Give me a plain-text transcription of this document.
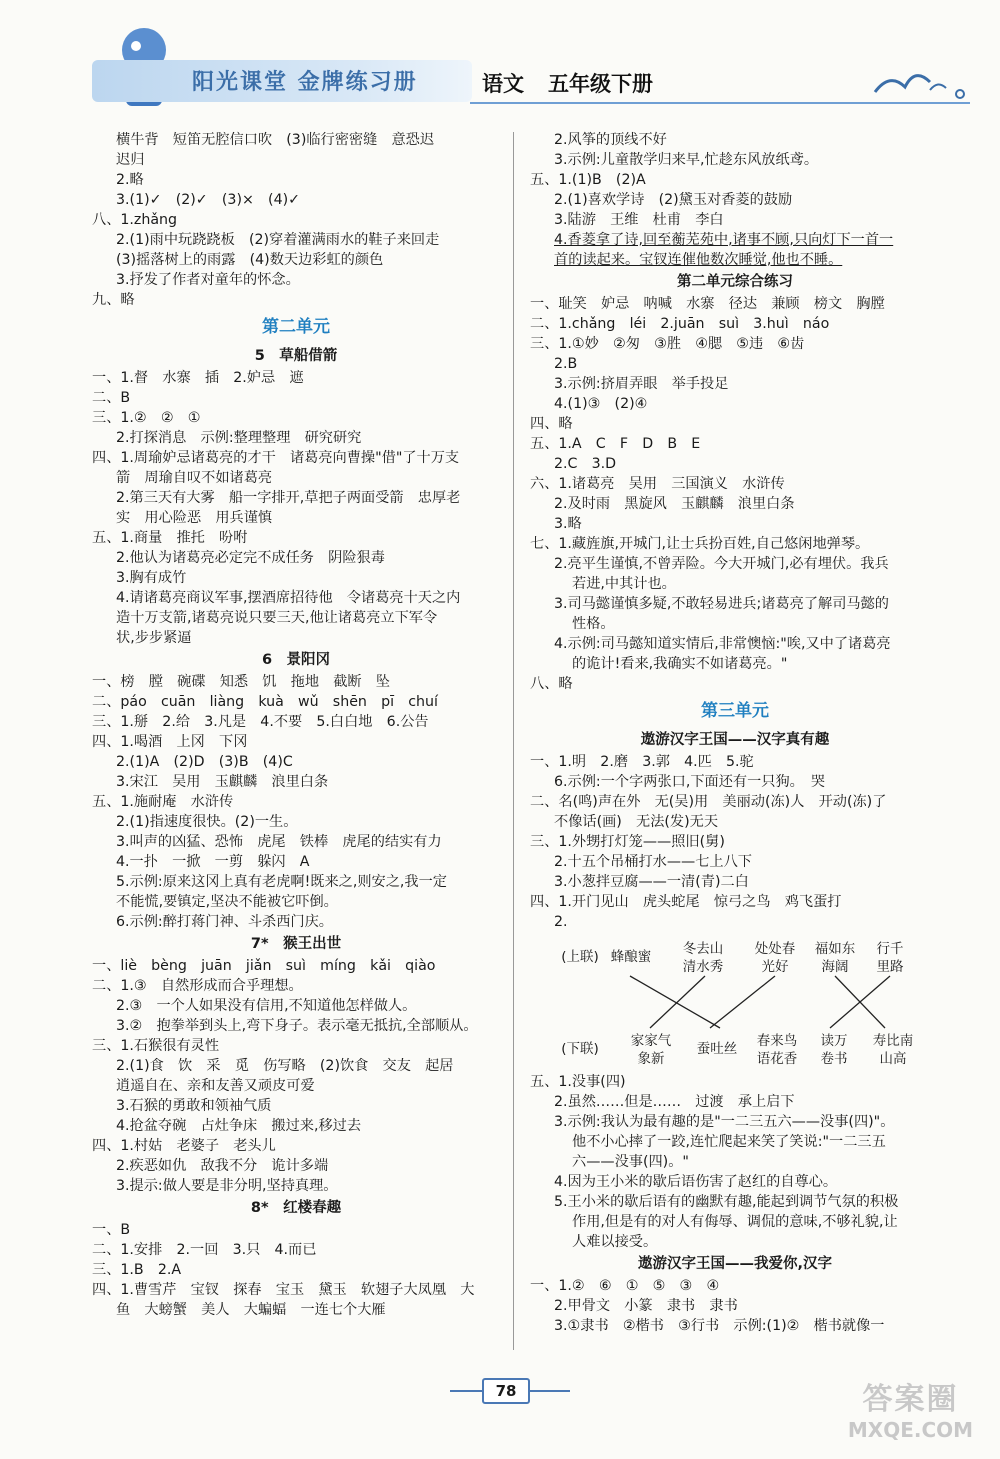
阳光课堂 金牌练习册	语文 五年级下册
横牛背　短笛无腔信口吹　(3)临行密密缝　意恐迟
迟归
2.略
3.(1)✓　(2)✓　(3)×　(4)✓
八、1.zhǎng
2.(1)雨中玩跷跷板　(2)穿着灌满雨水的鞋子来回走
(3)摇落树上的雨露　(4)数天边彩虹的颜色
3.抒发了作者对童年的怀念。
九、略
第二单元
5　草船借箭
一、1.督　水寨　插　2.妒忌　遮
二、B
三、1.②　②　①
2.打探消息　示例:整理整理　研究研究
四、1.周瑜妒忌诸葛亮的才干　诸葛亮向曹操"借"了十万支
箭　周瑜自叹不如诸葛亮
2.第三天有大雾　船一字排开,草把子两面受箭　忠厚老
实　用心险恶　用兵谨慎
五、1.商量　推托　吩咐
2.他认为诸葛亮必定完不成任务　阴险狠毒
3.胸有成竹
4.请诸葛亮商议军事,摆酒席招待他　令诸葛亮十天之内
造十万支箭,诸葛亮说只要三天,他让诸葛亮立下军令
状,步步紧逼
6　景阳冈
一、榜　膛　碗碟　知悉　饥　拖地　截断　坠
二、páo　cuān　liàng　kuà　wǔ　shēn　pī　chuí
三、1.掰　2.给　3.凡是　4.不要　5.白白地　6.公告
四、1.喝酒　上冈　下冈
2.(1)A　(2)D　(3)B　(4)C
3.宋江　吴用　玉麒麟　浪里白条
五、1.施耐庵　水浒传
2.(1)指速度很快。(2)一生。
3.叫声的凶猛、恐怖　虎尾　铁棒　虎尾的结实有力
4.一扑　一掀　一剪　躲闪　A
5.示例:原来这冈上真有老虎啊!既来之,则安之,我一定
不能慌,要镇定,坚决不能被它吓倒。
6.示例:醉打蒋门神、斗杀西门庆。
7*　猴王出世
一、liè　bèng　juān　jiǎn　suì　míng　kǎi　qiào
二、1.③　自然形成而合乎理想。
2.③　一个人如果没有信用,不知道他怎样做人。
3.②　抱拳举到头上,弯下身子。表示毫无抵抗,全部顺从。
三、1.石猴很有灵性
2.(1)食　饮　采　觅　伤写略　(2)饮食　交友　起居
逍遥自在、亲和友善又顽皮可爱
3.石猴的勇敢和领袖气质
4.抢盆夺碗　占灶争床　搬过来,移过去
四、1.村姑　老婆子　老头儿
2.疾恶如仇　敌我不分　诡计多端
3.提示:做人要是非分明,坚持真理。
8*　红楼春趣
一、B
二、1.安排　2.一回　3.只　4.而已
三、1.B　2.A
四、1.曹雪芹　宝钗　探春　宝玉　黛玉　软翅子大凤凰　大
鱼　大螃蟹　美人　大蝙蝠　一连七个大雁
2.风筝的顶线不好
3.示例:儿童散学归来早,忙趁东风放纸鸢。
五、1.(1)B　(2)A
2.(1)喜欢学诗　(2)黛玉对香菱的鼓励
3.陆游　王维　杜甫　李白
4.香菱拿了诗,回至蘅芜苑中,诸事不顾,只向灯下一首一
首的读起来。宝钗连催他数次睡觉,他也不睡。
第二单元综合练习
一、耻笑　妒忌　呐喊　水寨　径达　兼顾　榜文　胸膛
二、1.chǎng　léi　2.juān　suì　3.huì　náo
三、1.①妙　②匆　③胜　④腮　⑤违　⑥齿
2.B
3.示例:挤眉弄眼　举手投足
4.(1)③　(2)④
四、略
五、1.A　C　F　D　B　E
2.C　3.D
六、1.诸葛亮　吴用　三国演义　水浒传
2.及时雨　黑旋风　玉麒麟　浪里白条
3.略
七、1.藏旌旗,开城门,让士兵扮百姓,自己悠闲地弹琴。
2.亮平生谨慎,不曾弄险。今大开城门,必有埋伏。我兵
若进,中其计也。
3.司马懿谨慎多疑,不敢轻易进兵;诸葛亮了解司马懿的
性格。
4.示例:司马懿知道实情后,非常懊恼:"唉,又中了诸葛亮
的诡计!看来,我确实不如诸葛亮。"
八、略
第三单元
遨游汉字王国——汉字真有趣
一、1.明　2.磨　3.郭　4.匹　5.驼
6.示例:一个字两张口,下面还有一只狗。　哭
二、名(鸣)声在外　无(吴)用　美丽动(冻)人　开动(冻)了
不像话(画)　无法(发)无天
三、1.外甥打灯笼——照旧(舅)
2.十五个吊桶打水——七上八下
3.小葱拌豆腐——一清(青)二白
四、1.开门见山　虎头蛇尾　惊弓之鸟　鸡飞蛋打
2.
(上联) 蜂酿蜜	冬去山清水秀
处处春光好
福如东海阔
行千里路
(下联)	家家气象新
蚕吐丝	春来鸟语花香
读万卷书
寿比南山高
五、1.没事(四)
2.虽然……但是……　过渡　承上启下
3.示例:我认为最有趣的是"一二三五六——没事(四)"。
他不小心摔了一跤,连忙爬起来笑了笑说:"一二三五
六——没事(四)。"
4.因为王小米的歇后语伤害了赵红的自尊心。
5.王小米的歇后语有的幽默有趣,能起到调节气氛的积极
作用,但是有的对人有侮辱、调侃的意味,不够礼貌,让
人难以接受。
遨游汉字王国——我爱你,汉字
一、1.②　⑥　①　⑤　③　④
2.甲骨文　小篆　隶书　隶书
3.①隶书　②楷书　③行书　示例:(1)②　楷书就像一
78	答案圈
MXQE.COM
